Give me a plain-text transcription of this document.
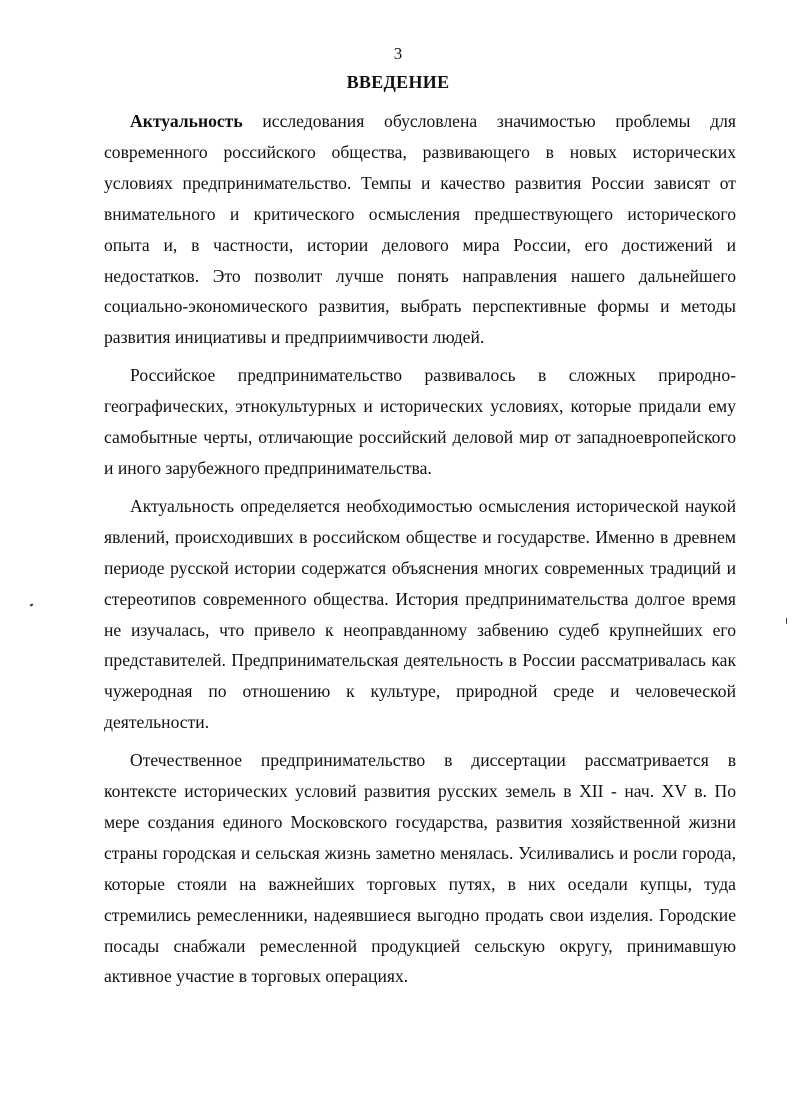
3
ВВЕДЕНИЕ

Актуальность исследования обусловлена значимостью проблемы для современного российского общества, развивающего в новых исторических условиях предпринимательство. Темпы и качество развития России зависят от внимательного и критического осмысления предшествующего исторического опыта и, в частности, истории делового мира России, его достижений и недостатков. Это позволит лучше понять направления нашего дальнейшего социально-экономического развития, выбрать перспективные формы и методы развития инициативы и предприимчивости людей.

Российское предпринимательство развивалось в сложных природно-географических, этнокультурных и исторических условиях, которые придали ему самобытные черты, отличающие российский деловой мир от западноевропейского и иного зарубежного предпринимательства.

Актуальность определяется необходимостью осмысления исторической наукой явлений, происходивших в российском обществе и государстве. Именно в древнем периоде русской истории содержатся объяснения многих современных традиций и стереотипов современного общества. История предпринимательства долгое время не изучалась, что привело к неоправданному забвению судеб крупнейших его представителей. Предпринимательская деятельность в России рассматривалась как чужеродная по отношению к культуре, природной среде и человеческой деятельности.

Отечественное предпринимательство в диссертации рассматривается в контексте исторических условий развития русских земель в XII - нач. XV в. По мере создания единого Московского государства, развития хозяйственной жизни страны городская и сельская жизнь заметно менялась. Усиливались и росли города, которые стояли на важнейших торговых путях, в них оседали купцы, туда стремились ремесленники, надеявшиеся выгодно продать свои изделия. Городские посады снабжали ремесленной продукцией сельскую округу, принимавшую активное участие в торговых операциях.
